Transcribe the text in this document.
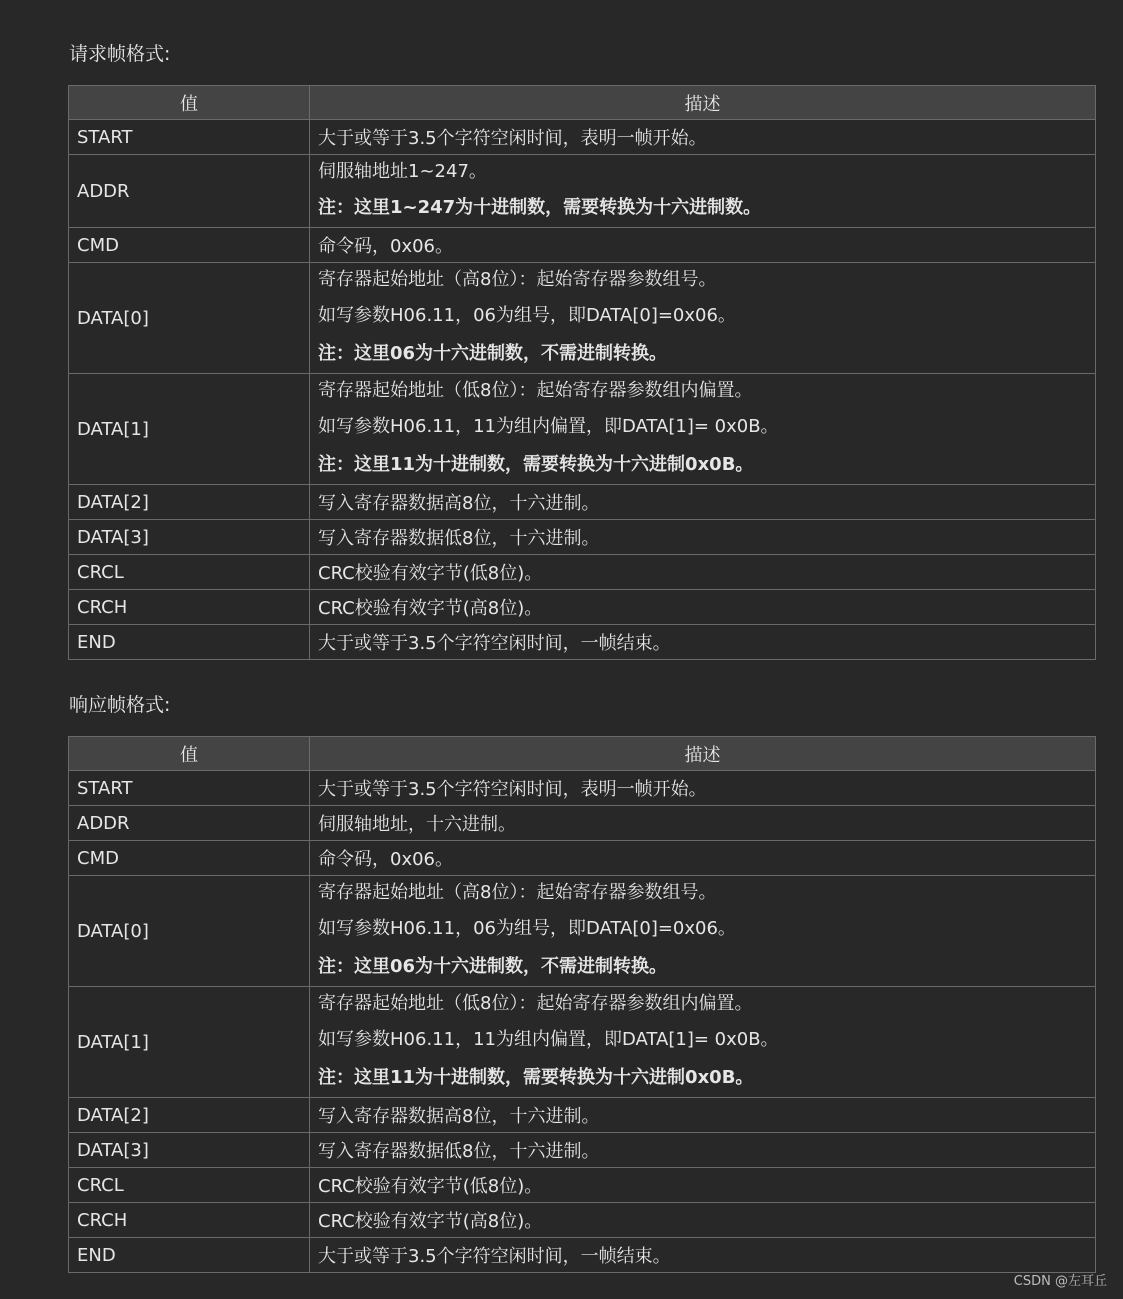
请求帧格式:
值	描述
START	大于或等于3.5个字符空闲时间，表明一帧开始。
ADDR	伺服轴地址1~247。
注：这里1~247为十进制数，需要转换为十六进制数。

CMD	命令码，0x06。
DATA[0]	寄存器起始地址（高8位）：起始寄存器参数组号。
如写参数H06.11，06为组号，即DATA[0]=0x06。
注：这里06为十六进制数，不需进制转换。

DATA[1]	寄存器起始地址（低8位）：起始寄存器参数组内偏置。
如写参数H06.11，11为组内偏置，即DATA[1]= 0x0B。
注：这里11为十进制数，需要转换为十六进制0x0B。

DATA[2]	写入寄存器数据高8位，十六进制。
DATA[3]	写入寄存器数据低8位，十六进制。
CRCL	CRC校验有效字节(低8位)。
CRCH	CRC校验有效字节(高8位)。
END	大于或等于3.5个字符空闲时间，一帧结束。
响应帧格式:
值	描述
START	大于或等于3.5个字符空闲时间，表明一帧开始。
ADDR	伺服轴地址，十六进制。
CMD	命令码，0x06。
DATA[0]	寄存器起始地址（高8位）：起始寄存器参数组号。
如写参数H06.11，06为组号，即DATA[0]=0x06。
注：这里06为十六进制数，不需进制转换。

DATA[1]	寄存器起始地址（低8位）：起始寄存器参数组内偏置。
如写参数H06.11，11为组内偏置，即DATA[1]= 0x0B。
注：这里11为十进制数，需要转换为十六进制0x0B。

DATA[2]	写入寄存器数据高8位，十六进制。
DATA[3]	写入寄存器数据低8位，十六进制。
CRCL	CRC校验有效字节(低8位)。
CRCH	CRC校验有效字节(高8位)。
END	大于或等于3.5个字符空闲时间，一帧结束。
CSDN @左耳丘
